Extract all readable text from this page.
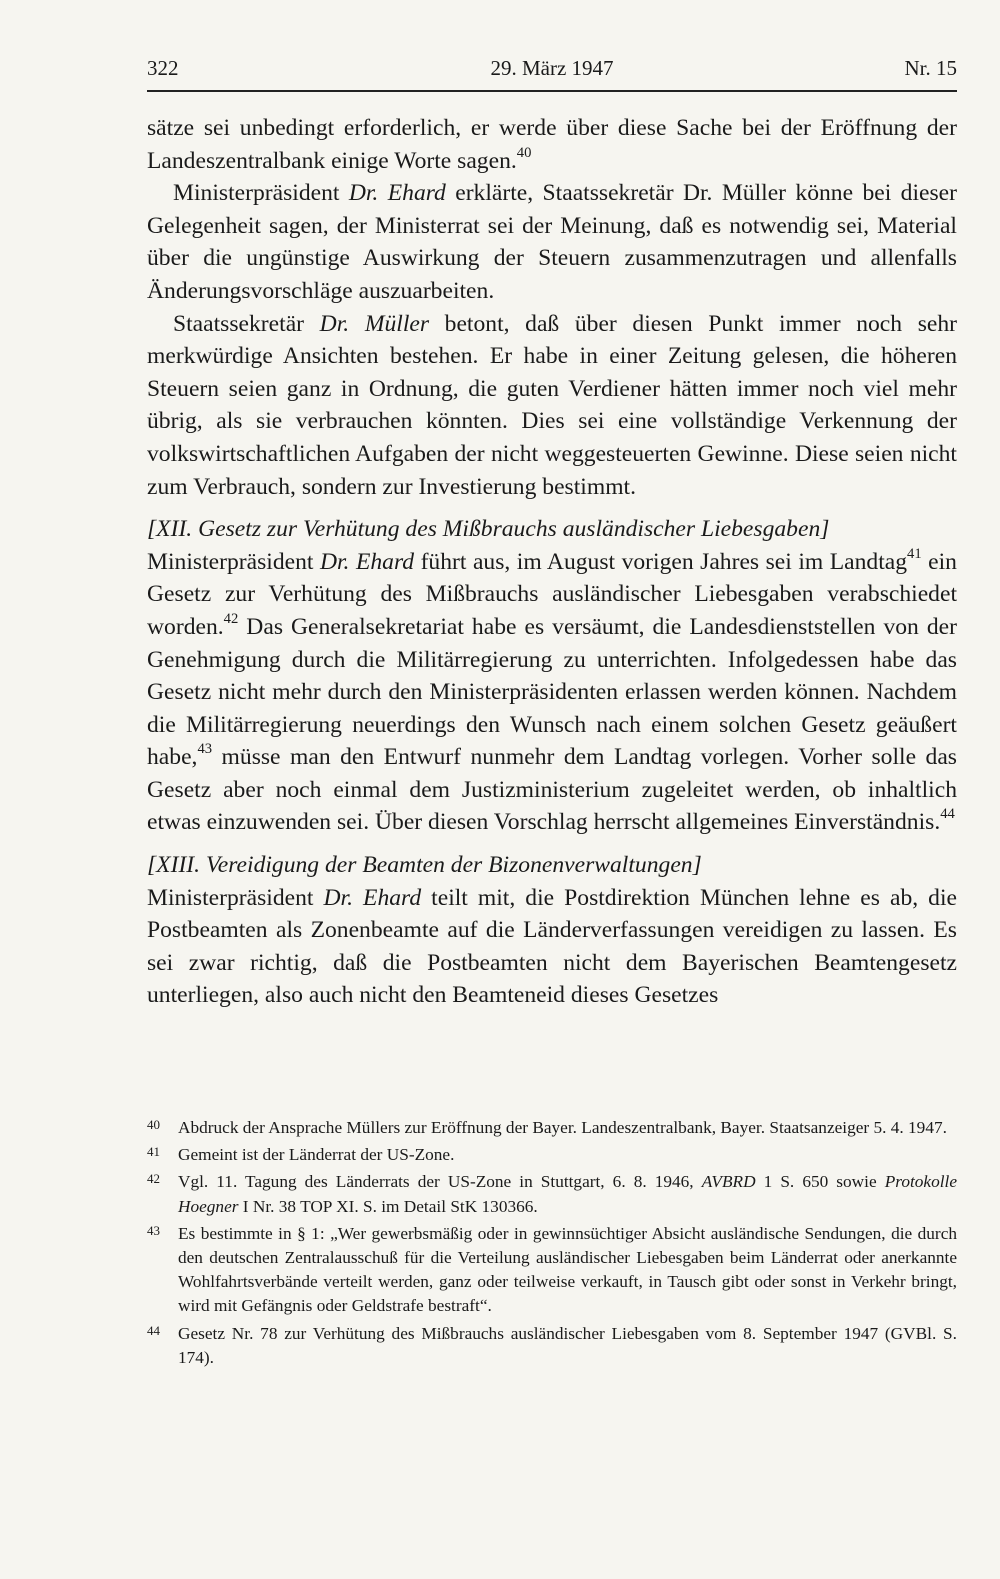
322	29. März 1947	Nr. 15

sätze sei unbedingt erforderlich, er werde über diese Sache bei der Eröffnung der Landeszentralbank einige Worte sagen.$^{40}$

Ministerpräsident Dr. Ehard erklärte, Staatssekretär Dr. Müller könne bei dieser Gelegenheit sagen, der Ministerrat sei der Meinung, daß es notwendig sei, Material über die ungünstige Auswirkung der Steuern zusammenzutragen und allenfalls Änderungsvorschläge auszuarbeiten.

Staatssekretär Dr. Müller betont, daß über diesen Punkt immer noch sehr merkwürdige Ansichten bestehen. Er habe in einer Zeitung gelesen, die höheren Steuern seien ganz in Ordnung, die guten Verdiener hätten immer noch viel mehr übrig, als sie verbrauchen könnten. Dies sei eine vollständige Verkennung der volkswirtschaftlichen Aufgaben der nicht weggesteuerten Gewinne. Diese seien nicht zum Verbrauch, sondern zur Investierung bestimmt.

[XII. Gesetz zur Verhütung des Mißbrauchs ausländischer Liebesgaben]

Ministerpräsident Dr. Ehard führt aus, im August vorigen Jahres sei im Landtag$^{41}$ ein Gesetz zur Verhütung des Mißbrauchs ausländischer Liebesgaben verabschiedet worden.$^{42}$ Das Generalsekretariat habe es versäumt, die Landesdienststellen von der Genehmigung durch die Militärregierung zu unterrichten. Infolgedessen habe das Gesetz nicht mehr durch den Ministerpräsidenten erlassen werden können. Nachdem die Militärregierung neuerdings den Wunsch nach einem solchen Gesetz geäußert habe,$^{43}$ müsse man den Entwurf nunmehr dem Landtag vorlegen. Vorher solle das Gesetz aber noch einmal dem Justizministerium zugeleitet werden, ob inhaltlich etwas einzuwenden sei. Über diesen Vorschlag herrscht allgemeines Einverständnis.$^{44}$

[XIII. Vereidigung der Beamten der Bizonenverwaltungen]

Ministerpräsident Dr. Ehard teilt mit, die Postdirektion München lehne es ab, die Postbeamten als Zonenbeamte auf die Länderverfassungen vereidigen zu lassen. Es sei zwar richtig, daß die Postbeamten nicht dem Bayerischen Beamtengesetz unterliegen, also auch nicht den Beamteneid dieses Gesetzes

40 Abdruck der Ansprache Müllers zur Eröffnung der Bayer. Landeszentralbank, Bayer. Staatsanzeiger 5. 4. 1947.
41 Gemeint ist der Länderrat der US-Zone.
42 Vgl. 11. Tagung des Länderrats der US-Zone in Stuttgart, 6. 8. 1946, AVBRD 1 S. 650 sowie Protokolle Hoegner I Nr. 38 TOP XI. S. im Detail StK 130366.
43 Es bestimmte in § 1: „Wer gewerbsmäßig oder in gewinnsüchtiger Absicht ausländische Sendungen, die durch den deutschen Zentralausschuß für die Verteilung ausländischer Liebesgaben beim Länderrat oder anerkannte Wohlfahrtsverbände verteilt werden, ganz oder teilweise verkauft, in Tausch gibt oder sonst in Verkehr bringt, wird mit Gefängnis oder Geldstrafe bestraft“.
44 Gesetz Nr. 78 zur Verhütung des Mißbrauchs ausländischer Liebesgaben vom 8. September 1947 (GVBl. S. 174).
